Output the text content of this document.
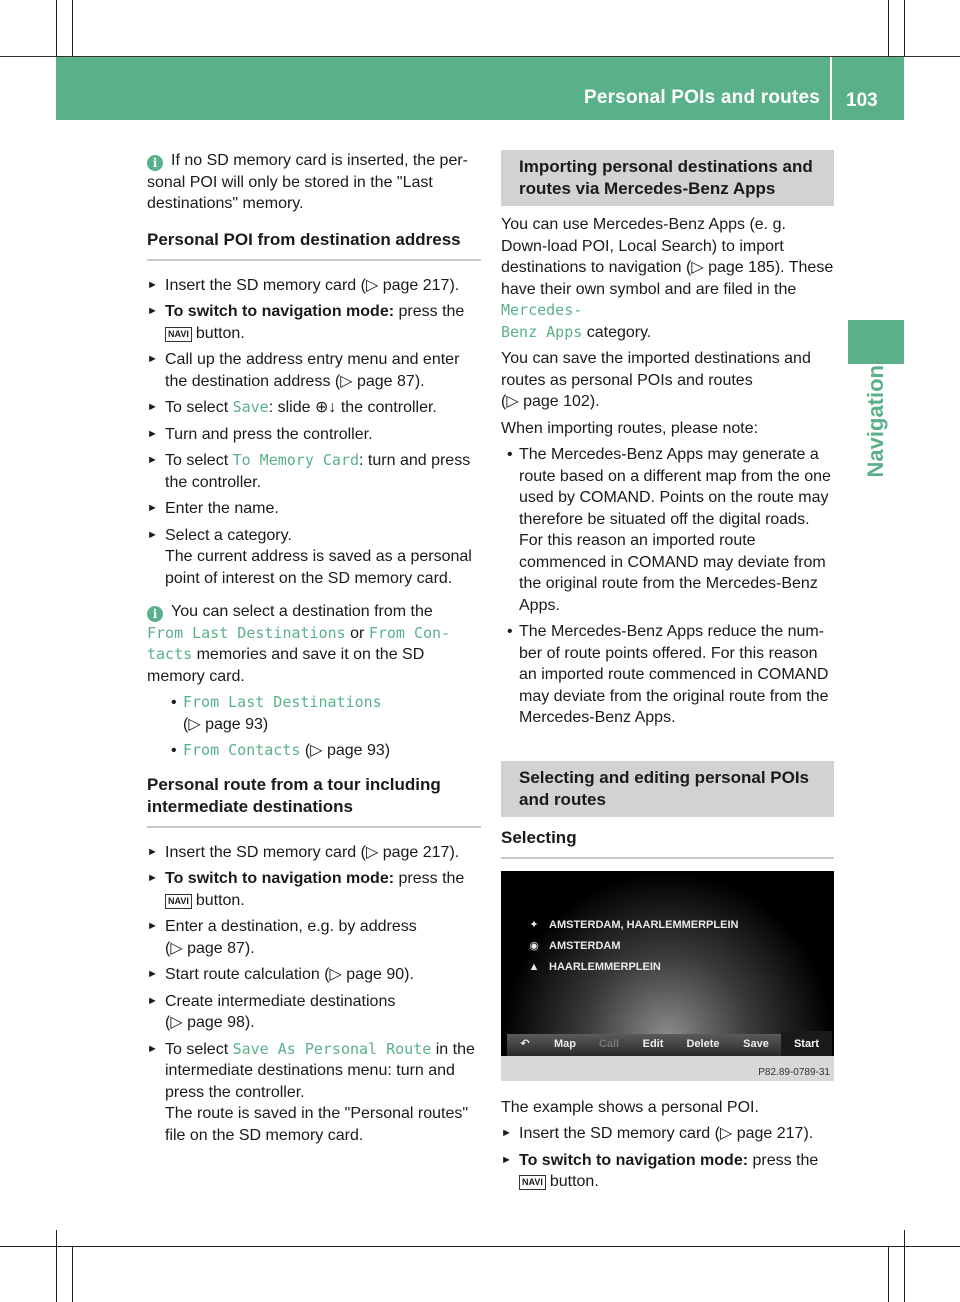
Personal POIs and routes 103
Navigation

i If no SD memory card is inserted, the per-sonal POI will only be stored in the "Last destinations" memory.

Personal POI from destination address

► Insert the SD memory card (▷ page 217).

► To switch to navigation mode: press the
NAVI button.

► Call up the address entry menu and enter the destination address (▷ page 87).

► To select Save: slide ⊕↓ the controller.

► Turn and press the controller.

► To select To Memory Card: turn and press the controller.

► Enter the name.

► Select a category.
The current address is saved as a personal point of interest on the SD memory card.

i You can select a destination from the
From Last Destinations or From Con-
tacts memories and save it on the SD memory card.

• From Last Destinations
(▷ page 93)

• From Contacts (▷ page 93)

Personal route from a tour including intermediate destinations

► Insert the SD memory card (▷ page 217).

► To switch to navigation mode: press the
NAVI button.

► Enter a destination, e.g. by address
(▷ page 87).

► Start route calculation (▷ page 90).

► Create intermediate destinations
(▷ page 98).

► To select Save As Personal Route in the intermediate destinations menu: turn and press the controller.
The route is saved in the "Personal routes" file on the SD memory card.

Importing personal destinations and routes via Mercedes-Benz Apps

You can use Mercedes-Benz Apps (e. g. Down-load POI, Local Search) to import destinations to navigation (▷ page 185). These have their own symbol and are filed in the Mercedes-
Benz Apps category.

You can save the imported destinations and routes as personal POIs and routes
(▷ page 102).

When importing routes, please note:

• The Mercedes-Benz Apps may generate a route based on a different map from the one used by COMAND. Points on the route may therefore be situated off the digital roads. For this reason an imported route commenced in COMAND may deviate from the original route from the Mercedes-Benz Apps.

• The Mercedes-Benz Apps reduce the num-ber of route points offered. For this reason an imported route commenced in COMAND may deviate from the original route from the Mercedes-Benz Apps.

Selecting and editing personal POIs and routes
Selecting
✦ AMSTERDAM, HAARLEMMERPLEIN
◉ AMSTERDAM
▲ HAARLEMMERPLEIN
↶	Map	Call	Edit	Delete	Save	Start
P82.89-0789-31

The example shows a personal POI.

► Insert the SD memory card (▷ page 217).

► To switch to navigation mode: press the
NAVI button.
